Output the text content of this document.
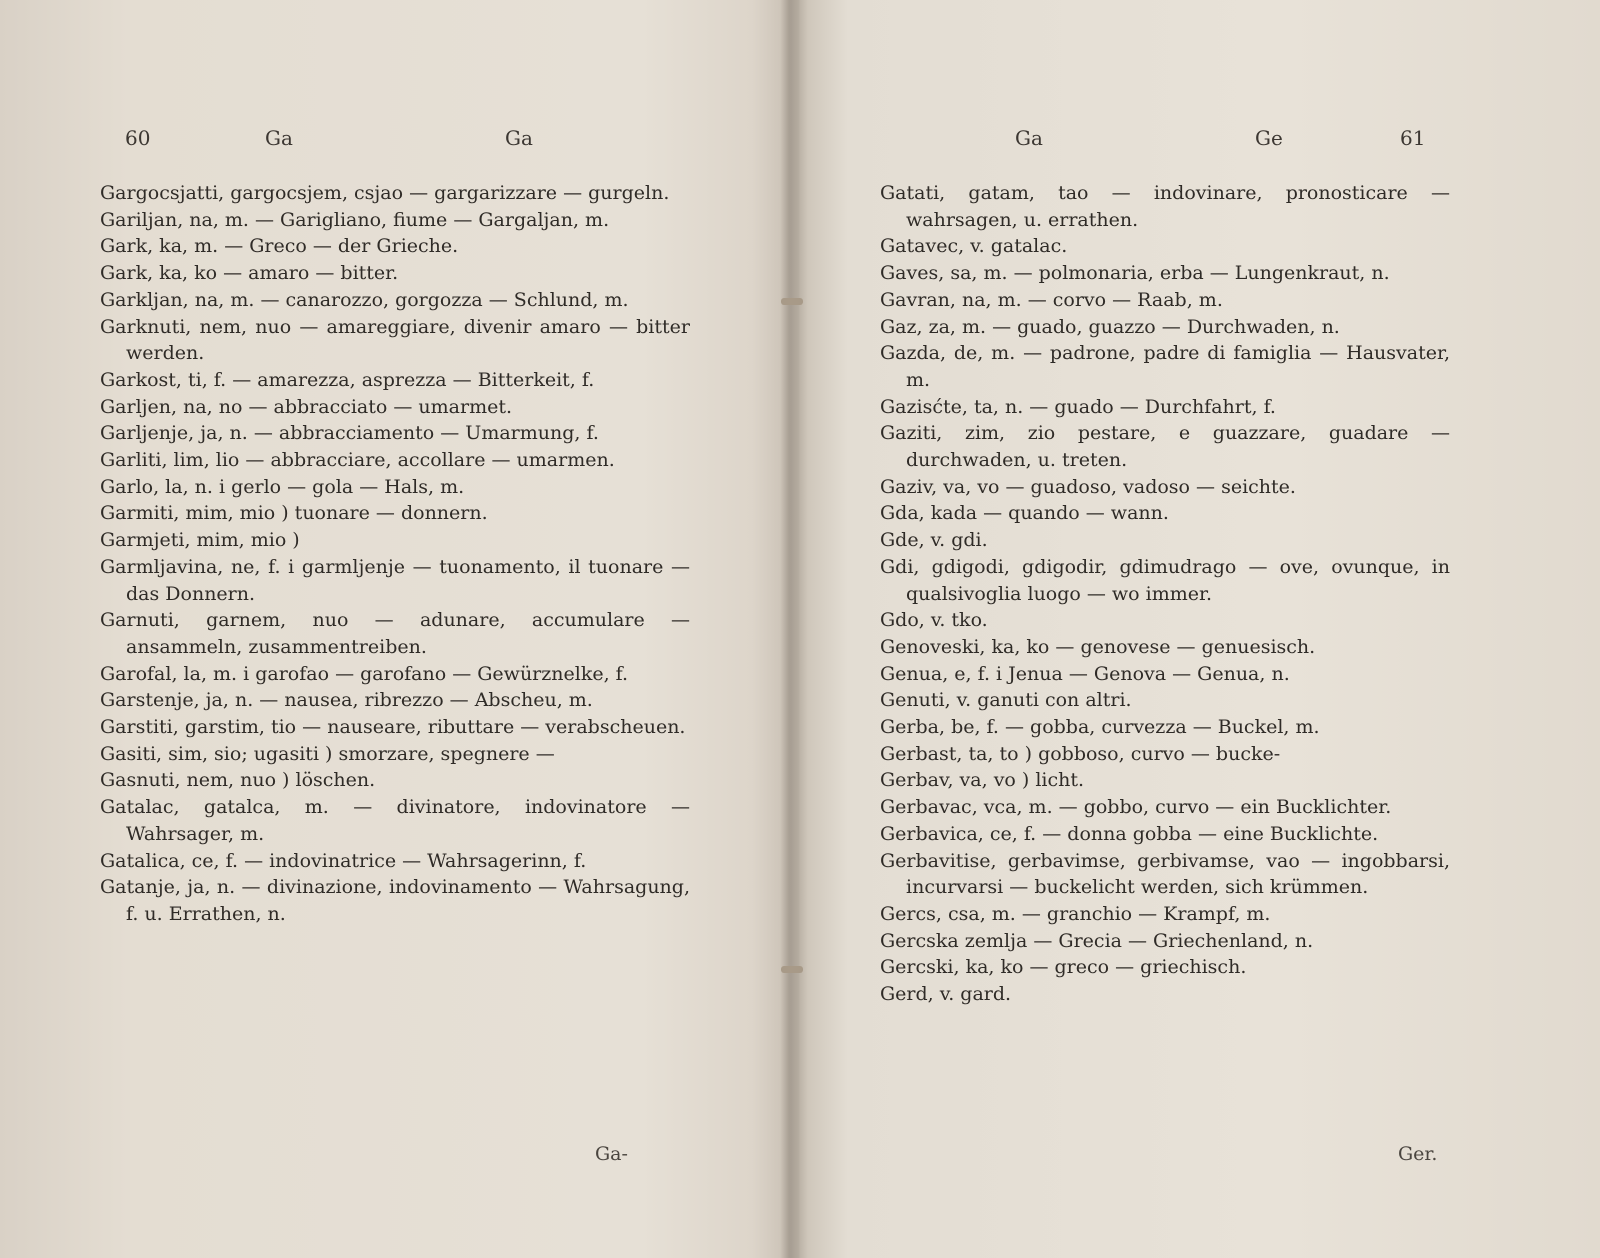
60	Ga	Ga
Gargocsjatti, gargocsjem, csjao — gargarizzare — gurgeln.
Gariljan, na, m. — Garigliano, fiume — Gargaljan, m.
Gark, ka, m. — Greco — der Grieche.
Gark, ka, ko — amaro — bitter.
Garkljan, na, m. — canarozzo, gorgozza — Schlund, m.
Garknuti, nem, nuo — amareggiare, divenir amaro — bitter werden.
Garkost, ti, f. — amarezza, asprezza — Bitterkeit, f.
Garljen, na, no — abbracciato — umarmet.
Garljenje, ja, n. — abbracciamento — Umarmung, f.
Garliti, lim, lio — abbracciare, accollare — umarmen.
Garlo, la, n. i gerlo — gola — Hals, m.
Garmiti, mim, mio ) tuonare — donnern.
Garmjeti, mim, mio )
Garmljavina, ne, f. i garmljenje — tuonamento, il tuonare — das Donnern.
Garnuti, garnem, nuo — adunare, accumulare — ansammeln, zusammentreiben.
Garofal, la, m. i garofao — garofano — Gewürznelke, f.
Garstenje, ja, n. — nausea, ribrezzo — Abscheu, m.
Garstiti, garstim, tio — nauseare, ributtare — verabscheuen.
Gasiti, sim, sio; ugasiti ) smorzare, spegnere —
Gasnuti, nem, nuo ) löschen.
Gatalac, gatalca, m. — divinatore, indovinatore — Wahrsager, m.
Gatalica, ce, f. — indovinatrice — Wahrsagerinn, f.
Gatanje, ja, n. — divinazione, indovinamento — Wahrsagung, f. u. Errathen, n.
Ga-
Ga	Ge	61
Gatati, gatam, tao — indovinare, pronosticare — wahrsagen, u. errathen.
Gatavec, v. gatalac.
Gaves, sa, m. — polmonaria, erba — Lungenkraut, n.
Gavran, na, m. — corvo — Raab, m.
Gaz, za, m. — guado, guazzo — Durchwaden, n.
Gazda, de, m. — padrone, padre di famiglia — Hausvater, m.
Gazisćte, ta, n. — guado — Durchfahrt, f.
Gaziti, zim, zio pestare, e guazzare, guadare — durchwaden, u. treten.
Gaziv, va, vo — guadoso, vadoso — seichte.
Gda, kada — quando — wann.
Gde, v. gdi.
Gdi, gdigodi, gdigodir, gdimudrago — ove, ovunque, in qualsivoglia luogo — wo immer.
Gdo, v. tko.
Genoveski, ka, ko — genovese — genuesisch.
Genua, e, f. i Jenua — Genova — Genua, n.
Genuti, v. ganuti con altri.
Gerba, be, f. — gobba, curvezza — Buckel, m.
Gerbast, ta, to ) gobboso, curvo — bucke-
Gerbav, va, vo ) licht.
Gerbavac, vca, m. — gobbo, curvo — ein Bucklichter.
Gerbavica, ce, f. — donna gobba — eine Bucklichte.
Gerbavitise, gerbavimse, gerbivamse, vao — ingobbarsi, incurvarsi — buckelicht werden, sich krümmen.
Gercs, csa, m. — granchio — Krampf, m.
Gercska zemlja — Grecia — Griechenland, n.
Gercski, ka, ko — greco — griechisch.
Gerd, v. gard.
Ger.
